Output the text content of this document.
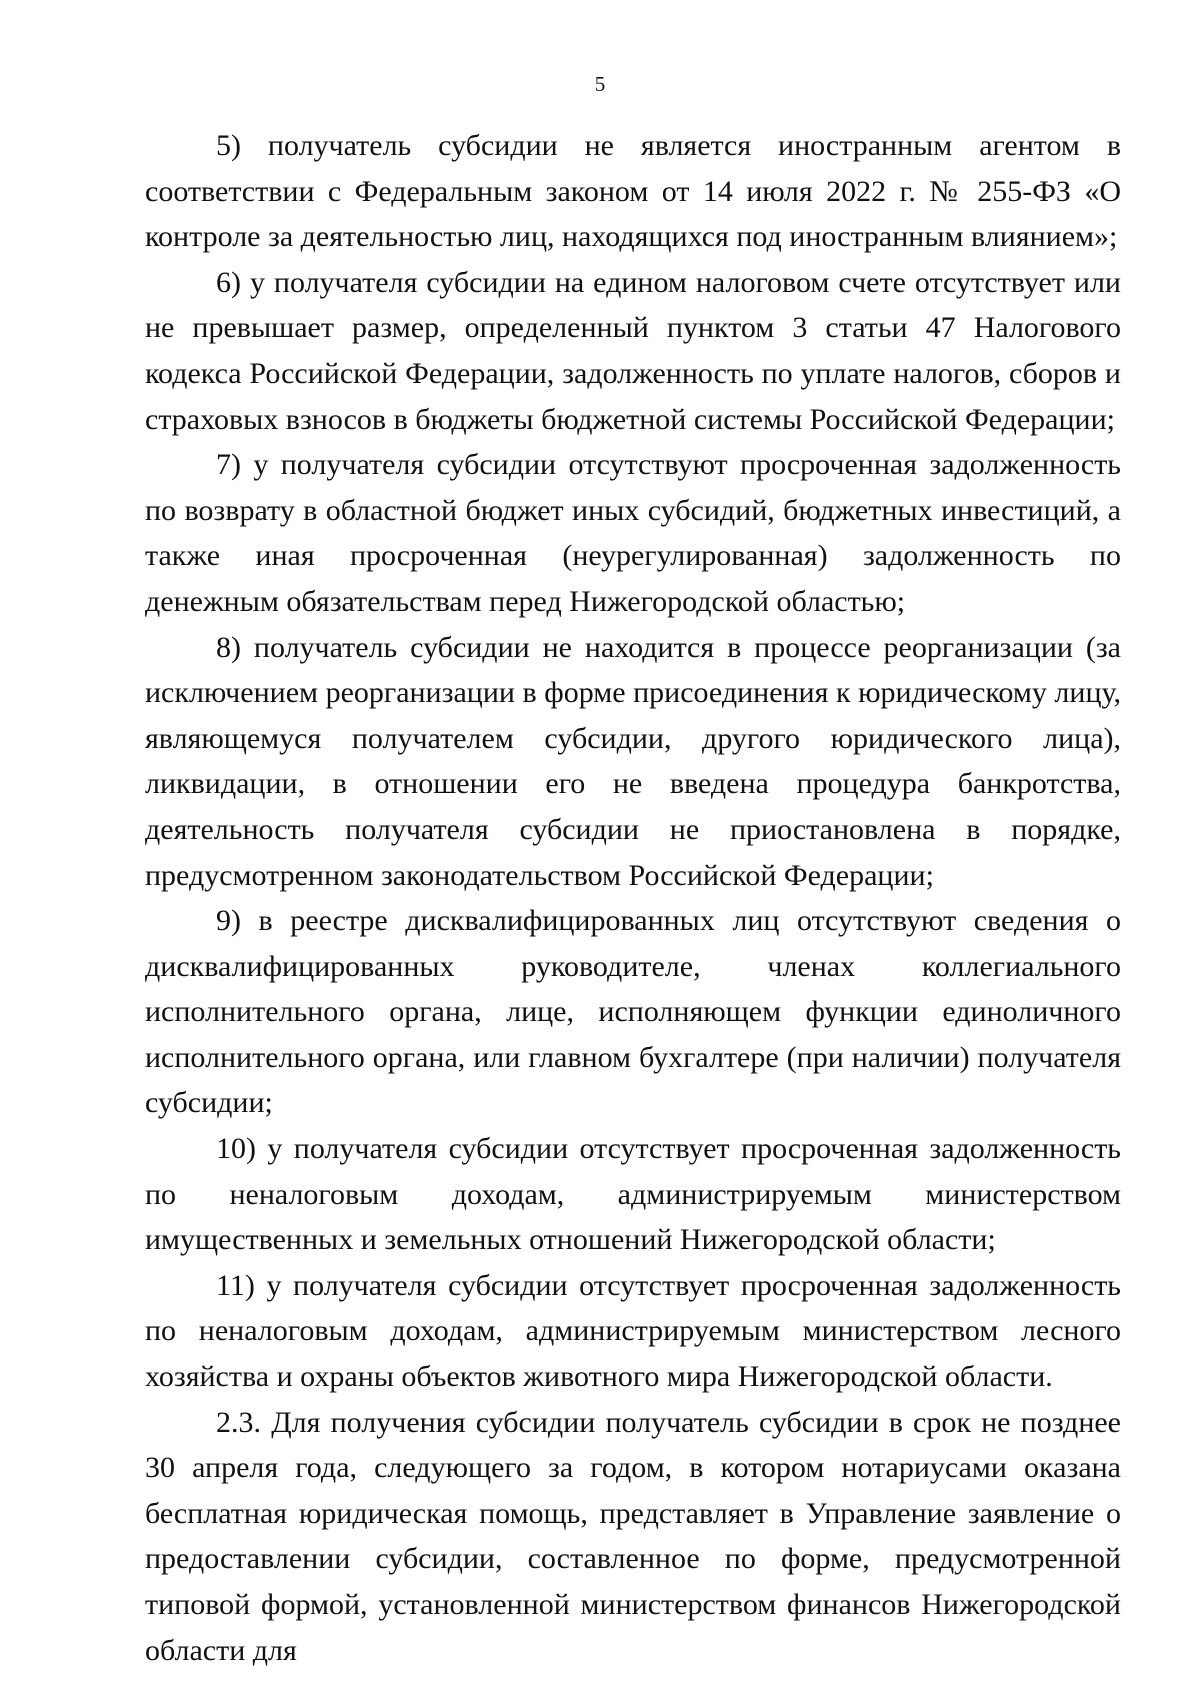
5

5) получатель субсидии не является иностранным агентом в соответствии с Федеральным законом от 14 июля 2022 г. № 255-ФЗ «О контроле за деятельностью лиц, находящихся под иностранным влиянием»;

6) у получателя субсидии на едином налоговом счете отсутствует или не превышает размер, определенный пунктом 3 статьи 47 Налогового кодекса Российской Федерации, задолженность по уплате налогов, сборов и страховых взносов в бюджеты бюджетной системы Российской Федерации;

7) у получателя субсидии отсутствуют просроченная задолженность по возврату в областной бюджет иных субсидий, бюджетных инвестиций, а также иная просроченная (неурегулированная) задолженность по денежным обязательствам перед Нижегородской областью;

8) получатель субсидии не находится в процессе реорганизации (за исключением реорганизации в форме присоединения к юридическому лицу, являющемуся получателем субсидии, другого юридического лица), ликвидации, в отношении его не введена процедура банкротства, деятельность получателя субсидии не приостановлена в порядке, предусмотренном законодательством Российской Федерации;

9) в реестре дисквалифицированных лиц отсутствуют сведения о дисквалифицированных руководителе, членах коллегиального исполнительного органа, лице, исполняющем функции единоличного исполнительного органа, или главном бухгалтере (при наличии) получателя субсидии;

10) у получателя субсидии отсутствует просроченная задолженность по неналоговым доходам, администрируемым министерством имущественных и земельных отношений Нижегородской области;

11) у получателя субсидии отсутствует просроченная задолженность по неналоговым доходам, администрируемым министерством лесного хозяйства и охраны объектов животного мира Нижегородской области.

2.3. Для получения субсидии получатель субсидии в срок не позднее 30 апреля года, следующего за годом, в котором нотариусами оказана бесплатная юридическая помощь, представляет в Управление заявление о предоставлении субсидии, составленное по форме, предусмотренной типовой формой, установленной министерством финансов Нижегородской области для
